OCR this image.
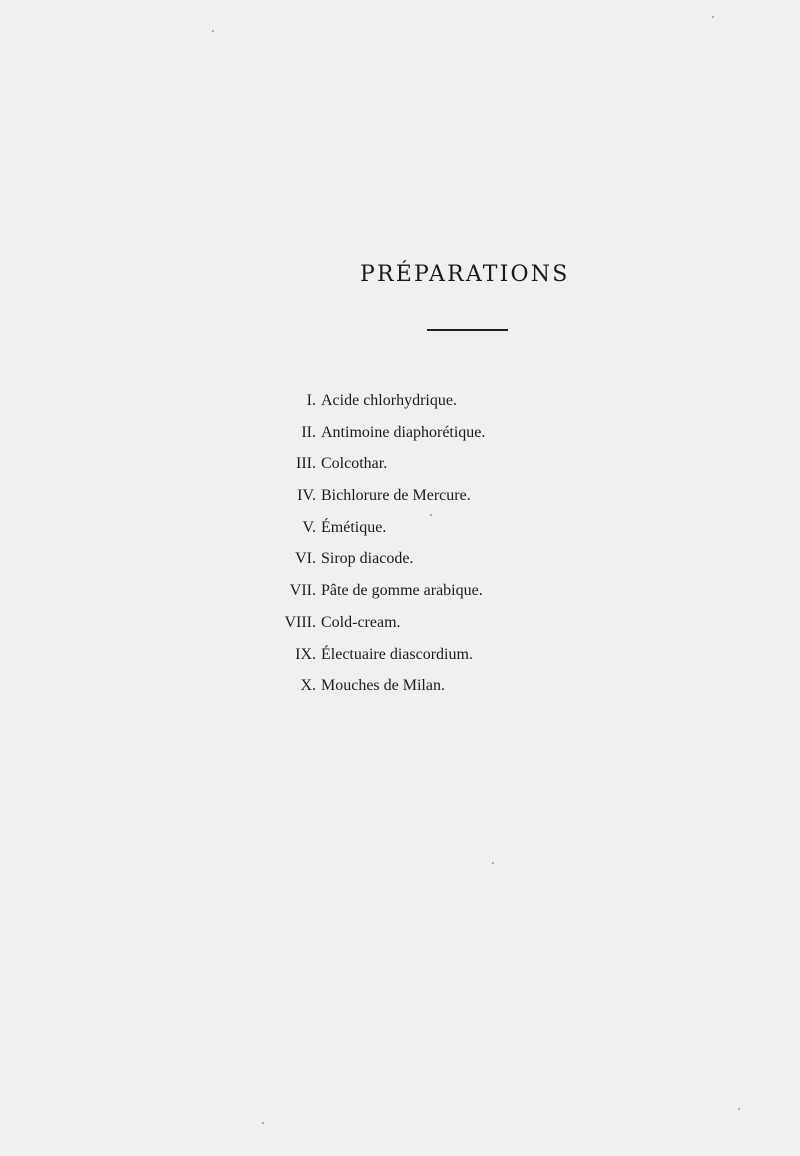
PRÉPARATIONS
I. Acide chlorhydrique.
II. Antimoine diaphorétique.
III. Colcothar.
IV. Bichlorure de Mercure.
V. Émétique.
VI. Sirop diacode.
VII. Pâte de gomme arabique.
VIII. Cold-cream.
IX. Électuaire diascordium.
X. Mouches de Milan.
